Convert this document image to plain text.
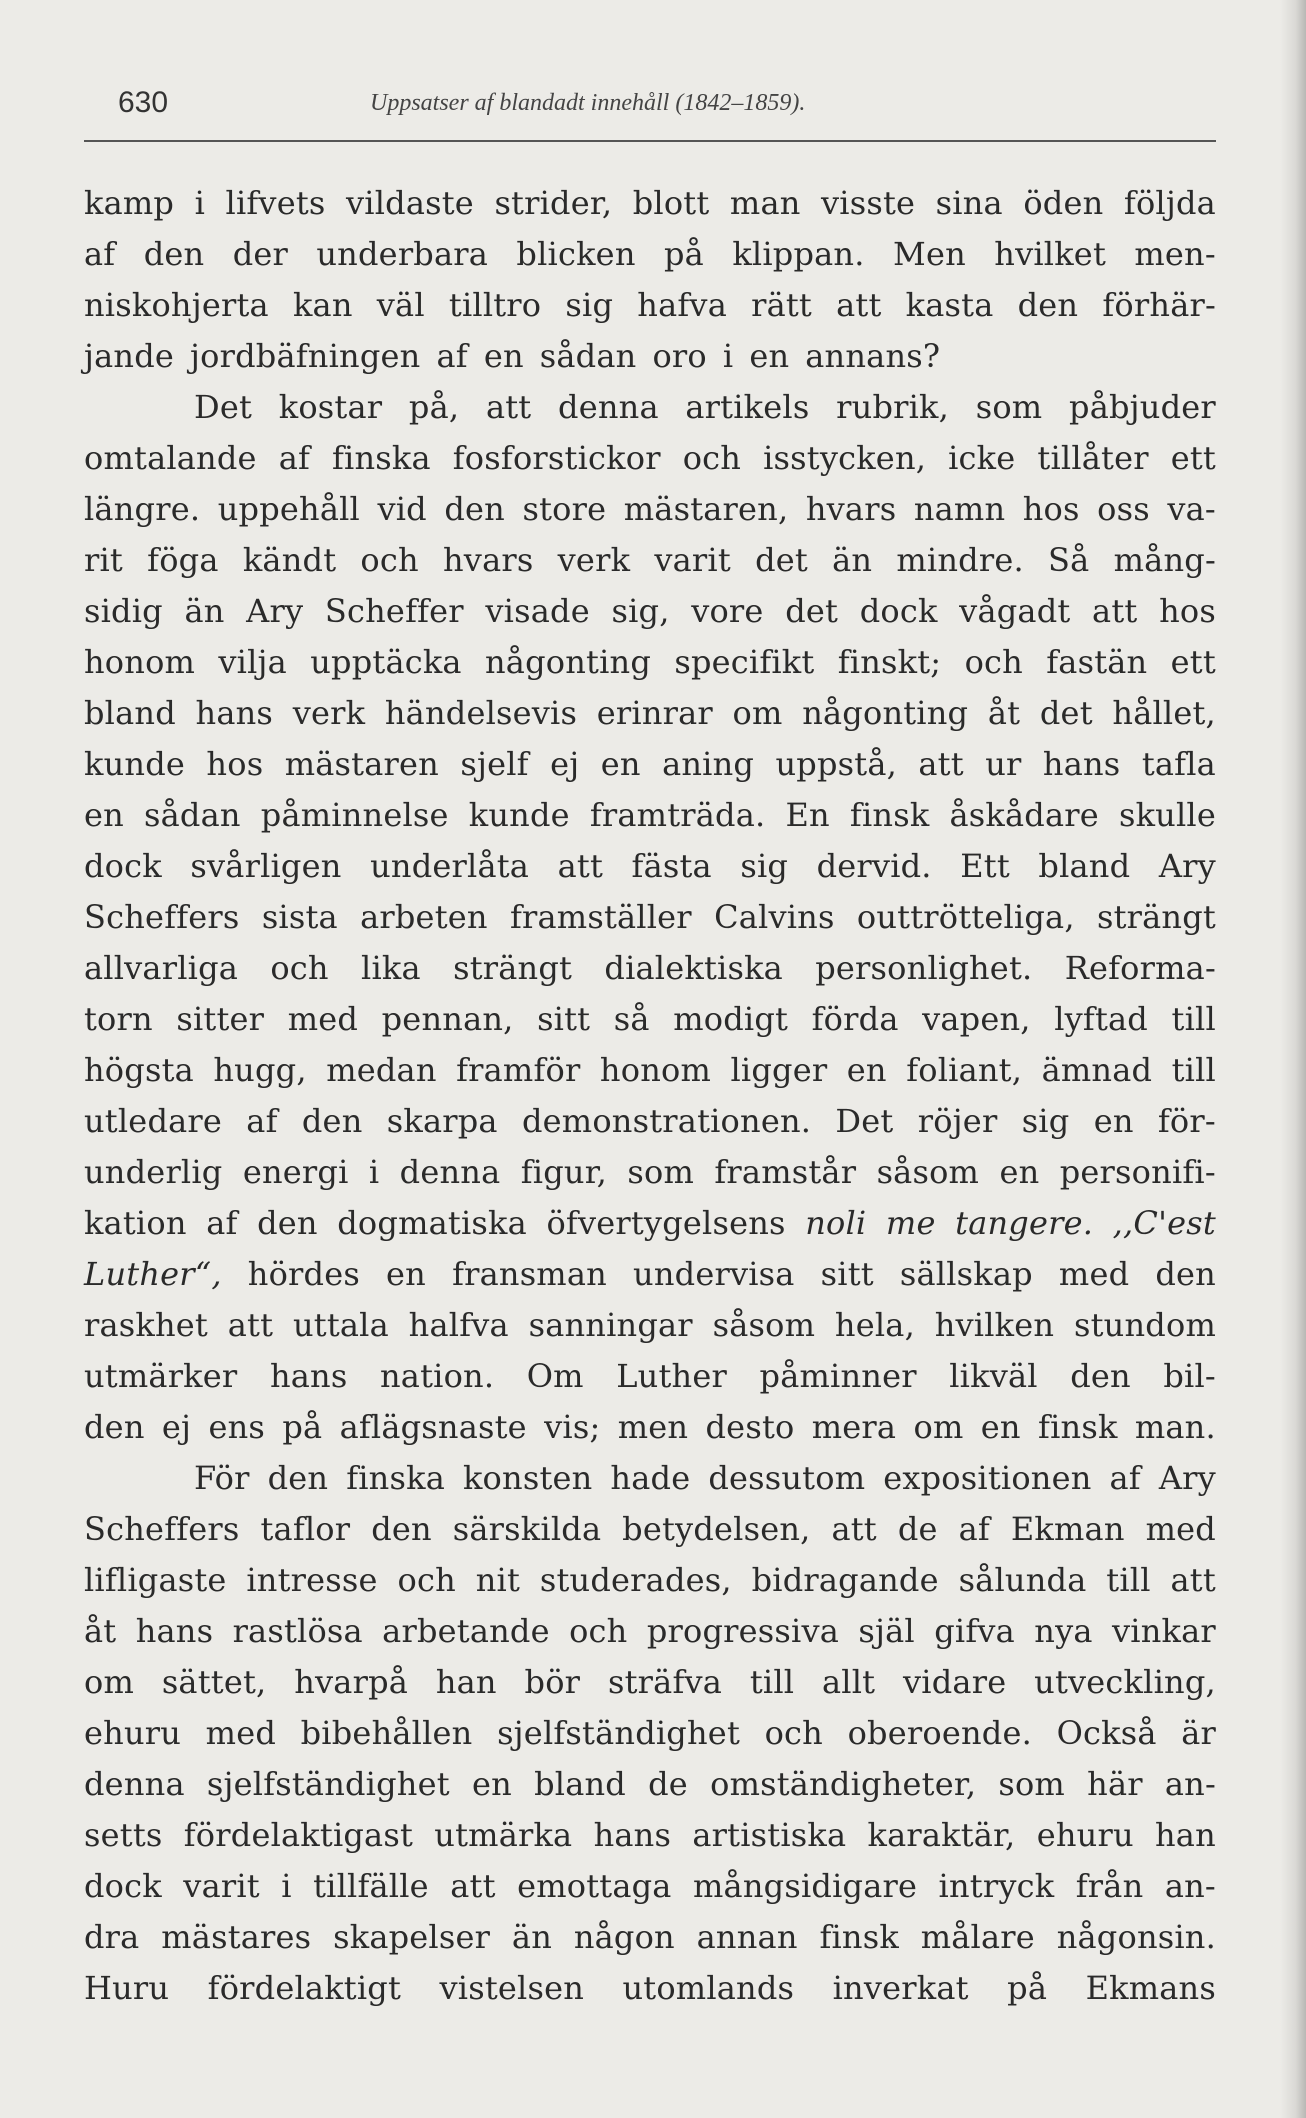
630	Uppsatser af blandadt innehåll (1842–1859).
kamp i lifvets vildaste strider, blott man visste sina öden följda
af den der underbara blicken på klippan. Men hvilket men-
niskohjerta kan väl tilltro sig hafva rätt att kasta den förhär-
jande jordbäfningen af en sådan oro i en annans?
Det kostar på, att denna artikels rubrik, som påbjuder
omtalande af finska fosforstickor och isstycken, icke tillåter ett
längre. uppehåll vid den store mästaren, hvars namn hos oss va-
rit föga kändt och hvars verk varit det än mindre. Så mång-
sidig än Ary Scheffer visade sig, vore det dock vågadt att hos
honom vilja upptäcka någonting specifikt finskt; och fastän ett
bland hans verk händelsevis erinrar om någonting åt det hållet,
kunde hos mästaren sjelf ej en aning uppstå, att ur hans tafla
en sådan påminnelse kunde framträda. En finsk åskådare skulle
dock svårligen underlåta att fästa sig dervid. Ett bland Ary
Scheffers sista arbeten framställer Calvins outtrötteliga, strängt
allvarliga och lika strängt dialektiska personlighet. Reforma-
torn sitter med pennan, sitt så modigt förda vapen, lyftad till
högsta hugg, medan framför honom ligger en foliant, ämnad till
utledare af den skarpa demonstrationen. Det röjer sig en för-
underlig energi i denna figur, som framstår såsom en personifi-
kation af den dogmatiska öfvertygelsens noli me tangere. ,,C'est
Luther“, hördes en fransman undervisa sitt sällskap med den
raskhet att uttala halfva sanningar såsom hela, hvilken stundom
utmärker hans nation. Om Luther påminner likväl den bil-
den ej ens på aflägsnaste vis; men desto mera om en finsk man.
För den finska konsten hade dessutom expositionen af Ary
Scheffers taflor den särskilda betydelsen, att de af Ekman med
lifligaste intresse och nit studerades, bidragande sålunda till att
åt hans rastlösa arbetande och progressiva själ gifva nya vinkar
om sättet, hvarpå han bör sträfva till allt vidare utveckling,
ehuru med bibehållen sjelfständighet och oberoende. Också är
denna sjelfständighet en bland de omständigheter, som här an-
setts fördelaktigast utmärka hans artistiska karaktär, ehuru han
dock varit i tillfälle att emottaga mångsidigare intryck från an-
dra mästares skapelser än någon annan finsk målare någonsin.
Huru fördelaktigt vistelsen utomlands inverkat på Ekmans
